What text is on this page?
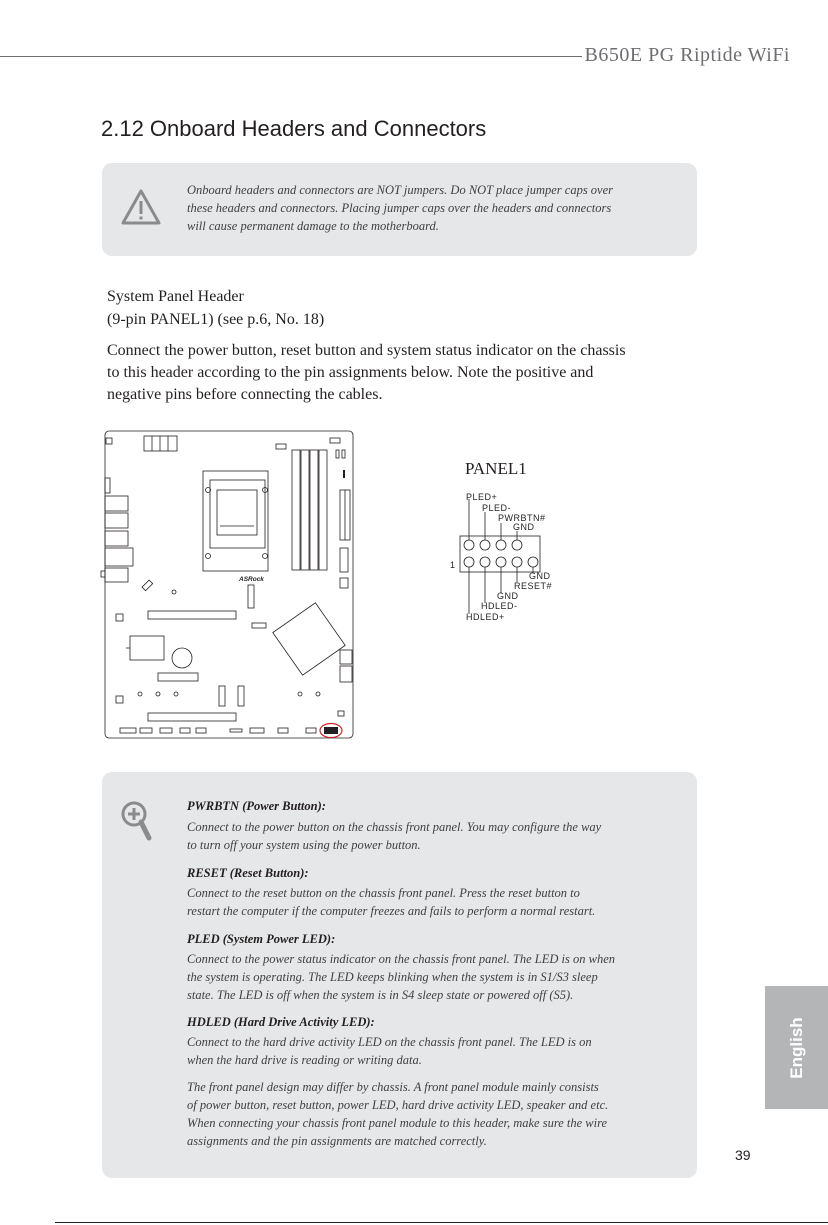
B650E PG Riptide WiFi
2.12 Onboard Headers and Connectors
Onboard headers and connectors are NOT jumpers. Do NOT place jumper caps over
these headers and connectors. Placing jumper caps over the headers and connectors
will cause permanent damage to the motherboard.
System Panel Header
(9-pin PANEL1) (see p.6, No. 18)
Connect the power button, reset button and system status indicator on the chassis
to this header according to the pin assignments below. Note the positive and
negative pins before connecting the cables.
ASRock
PANEL1
1
PLED+
PLED-
PWRBTN#
GND
GND
RESET#
GND
HDLED-
HDLED+
PWRBTN (Power Button):
Connect to the power button on the chassis front panel. You may configure the way
to turn off your system using the power button.
RESET (Reset Button):
Connect to the reset button on the chassis front panel. Press the reset button to
restart the computer if the computer freezes and fails to perform a normal restart.
PLED (System Power LED):
Connect to the power status indicator on the chassis front panel. The LED is on when
the system is operating. The LED keeps blinking when the system is in S1/S3 sleep
state. The LED is off when the system is in S4 sleep state or powered off (S5).
HDLED (Hard Drive Activity LED):
Connect to the hard drive activity LED on the chassis front panel. The LED is on
when the hard drive is reading or writing data.
The front panel design may differ by chassis. A front panel module mainly consists
of power button, reset button, power LED, hard drive activity LED, speaker and etc.
When connecting your chassis front panel module to this header, make sure the wire
assignments and the pin assignments are matched correctly.
English
39
